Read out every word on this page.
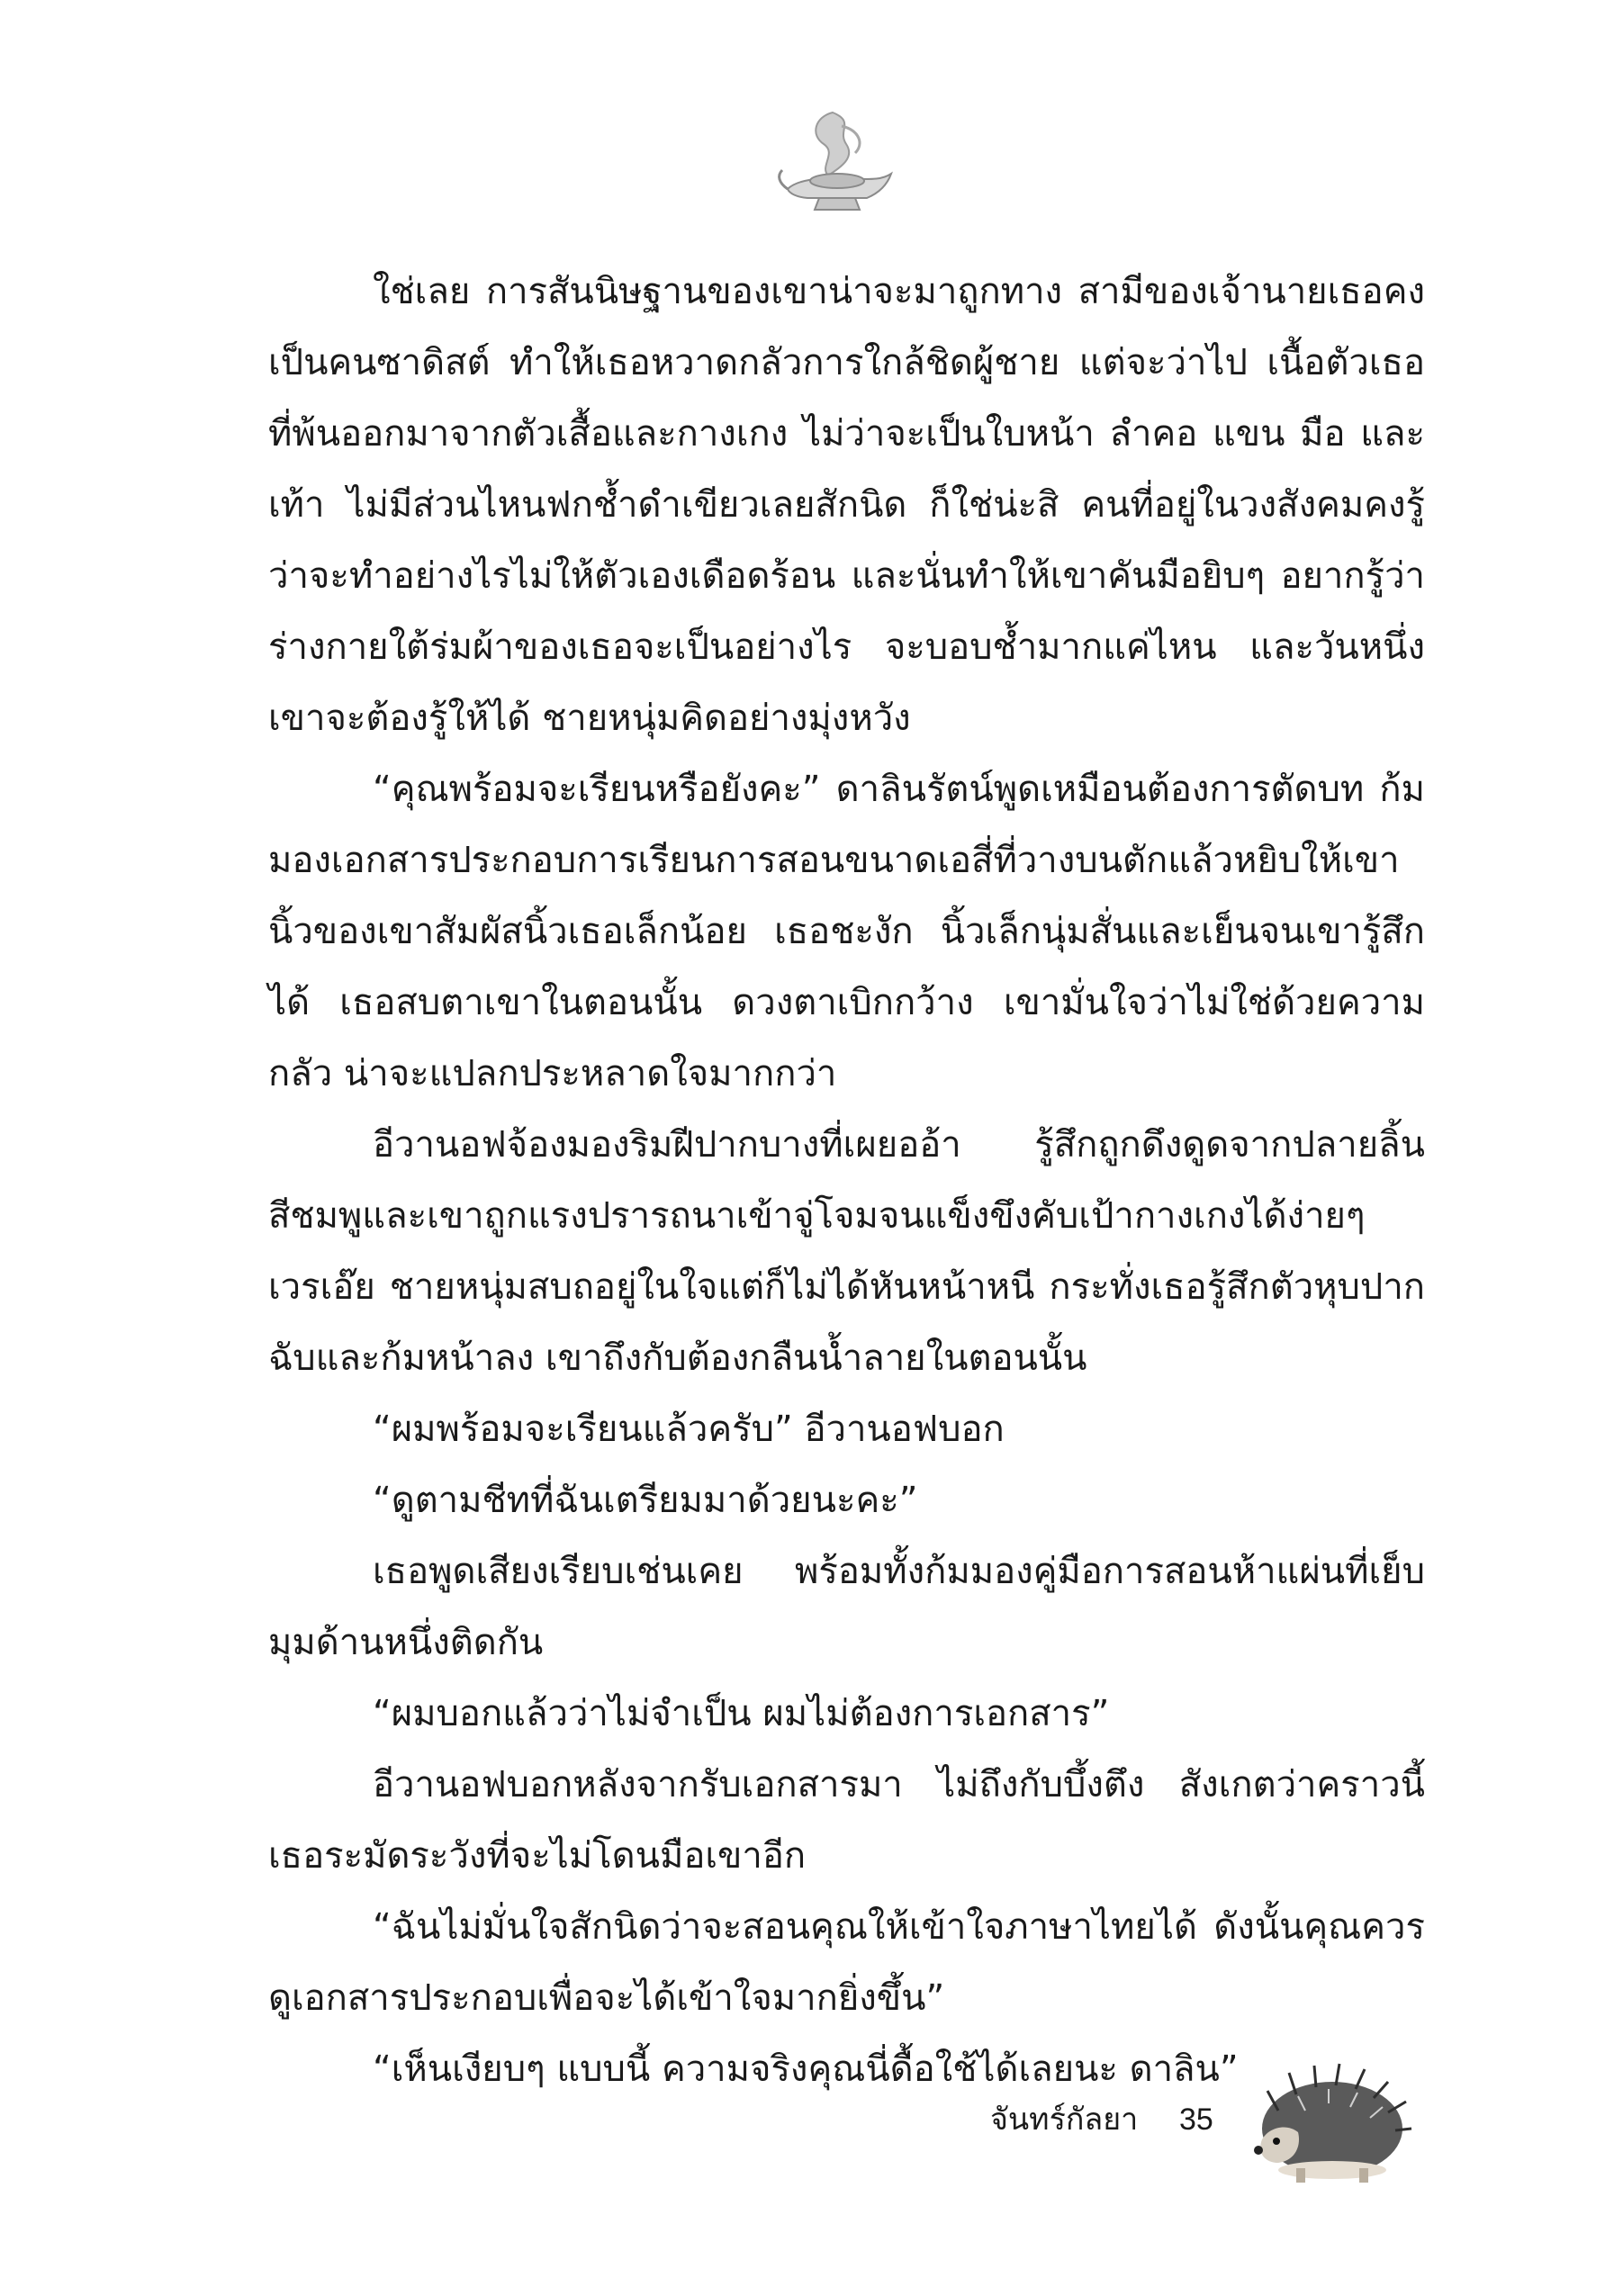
ใช่เลย การสันนิษฐานของเขาน่าจะมาถูกทาง สามีของเจ้านายเธอคงเป็นคนซาดิสต์ ทำให้เธอหวาดกลัวการใกล้ชิดผู้ชาย แต่จะว่าไป เนื้อตัวเธอที่พ้นออกมาจากตัวเสื้อและกางเกง ไม่ว่าจะเป็นใบหน้า ลำคอ แขน มือ และเท้า ไม่มีส่วนไหนฟกช้ำดำเขียวเลยสักนิด ก็ใช่น่ะสิ คนที่อยู่ในวงสังคมคงรู้ว่าจะทำอย่างไรไม่ให้ตัวเองเดือดร้อน และนั่นทำให้เขาคันมือยิบๆ อยากรู้ว่าร่างกายใต้ร่มผ้าของเธอจะเป็นอย่างไร จะบอบช้ำมากแค่ไหน และวันหนึ่งเขาจะต้องรู้ให้ได้ ชายหนุ่มคิดอย่างมุ่งหวัง

“คุณพร้อมจะเรียนหรือยังคะ” ดาลินรัตน์พูดเหมือนต้องการตัดบท ก้มมองเอกสารประกอบการเรียนการสอนขนาดเอสี่ที่วางบนตักแล้วหยิบให้เขา นิ้วของเขาสัมผัสนิ้วเธอเล็กน้อย เธอชะงัก นิ้วเล็กนุ่มสั่นและเย็นจนเขารู้สึกได้ เธอสบตาเขาในตอนนั้น ดวงตาเบิกกว้าง เขามั่นใจว่าไม่ใช่ด้วยความกลัว น่าจะแปลกประหลาดใจมากกว่า

อีวานอฟจ้องมองริมฝีปากบางที่เผยออ้า รู้สึกถูกดึงดูดจากปลายลิ้นสีชมพูและเขาถูกแรงปรารถนาเข้าจู่โจมจนแข็งขึงคับเป้ากางเกงได้ง่ายๆ เวรเอ๊ย ชายหนุ่มสบถอยู่ในใจแต่ก็ไม่ได้หันหน้าหนี กระทั่งเธอรู้สึกตัวหุบปากฉับและก้มหน้าลง เขาถึงกับต้องกลืนน้ำลายในตอนนั้น

“ผมพร้อมจะเรียนแล้วครับ” อีวานอฟบอก

“ดูตามชีทที่ฉันเตรียมมาด้วยนะคะ”

เธอพูดเสียงเรียบเช่นเคย พร้อมทั้งก้มมองคู่มือการสอนห้าแผ่นที่เย็บมุมด้านหนึ่งติดกัน

“ผมบอกแล้วว่าไม่จำเป็น ผมไม่ต้องการเอกสาร”

อีวานอฟบอกหลังจากรับเอกสารมา ไม่ถึงกับบึ้งตึง สังเกตว่าคราวนี้เธอระมัดระวังที่จะไม่โดนมือเขาอีก

“ฉันไม่มั่นใจสักนิดว่าจะสอนคุณให้เข้าใจภาษาไทยได้ ดังนั้นคุณควรดูเอกสารประกอบเพื่อจะได้เข้าใจมากยิ่งขึ้น”

“เห็นเงียบๆ แบบนี้ ความจริงคุณนี่ดื้อใช้ได้เลยนะ ดาลิน”

จันทร์กัลยา 35
